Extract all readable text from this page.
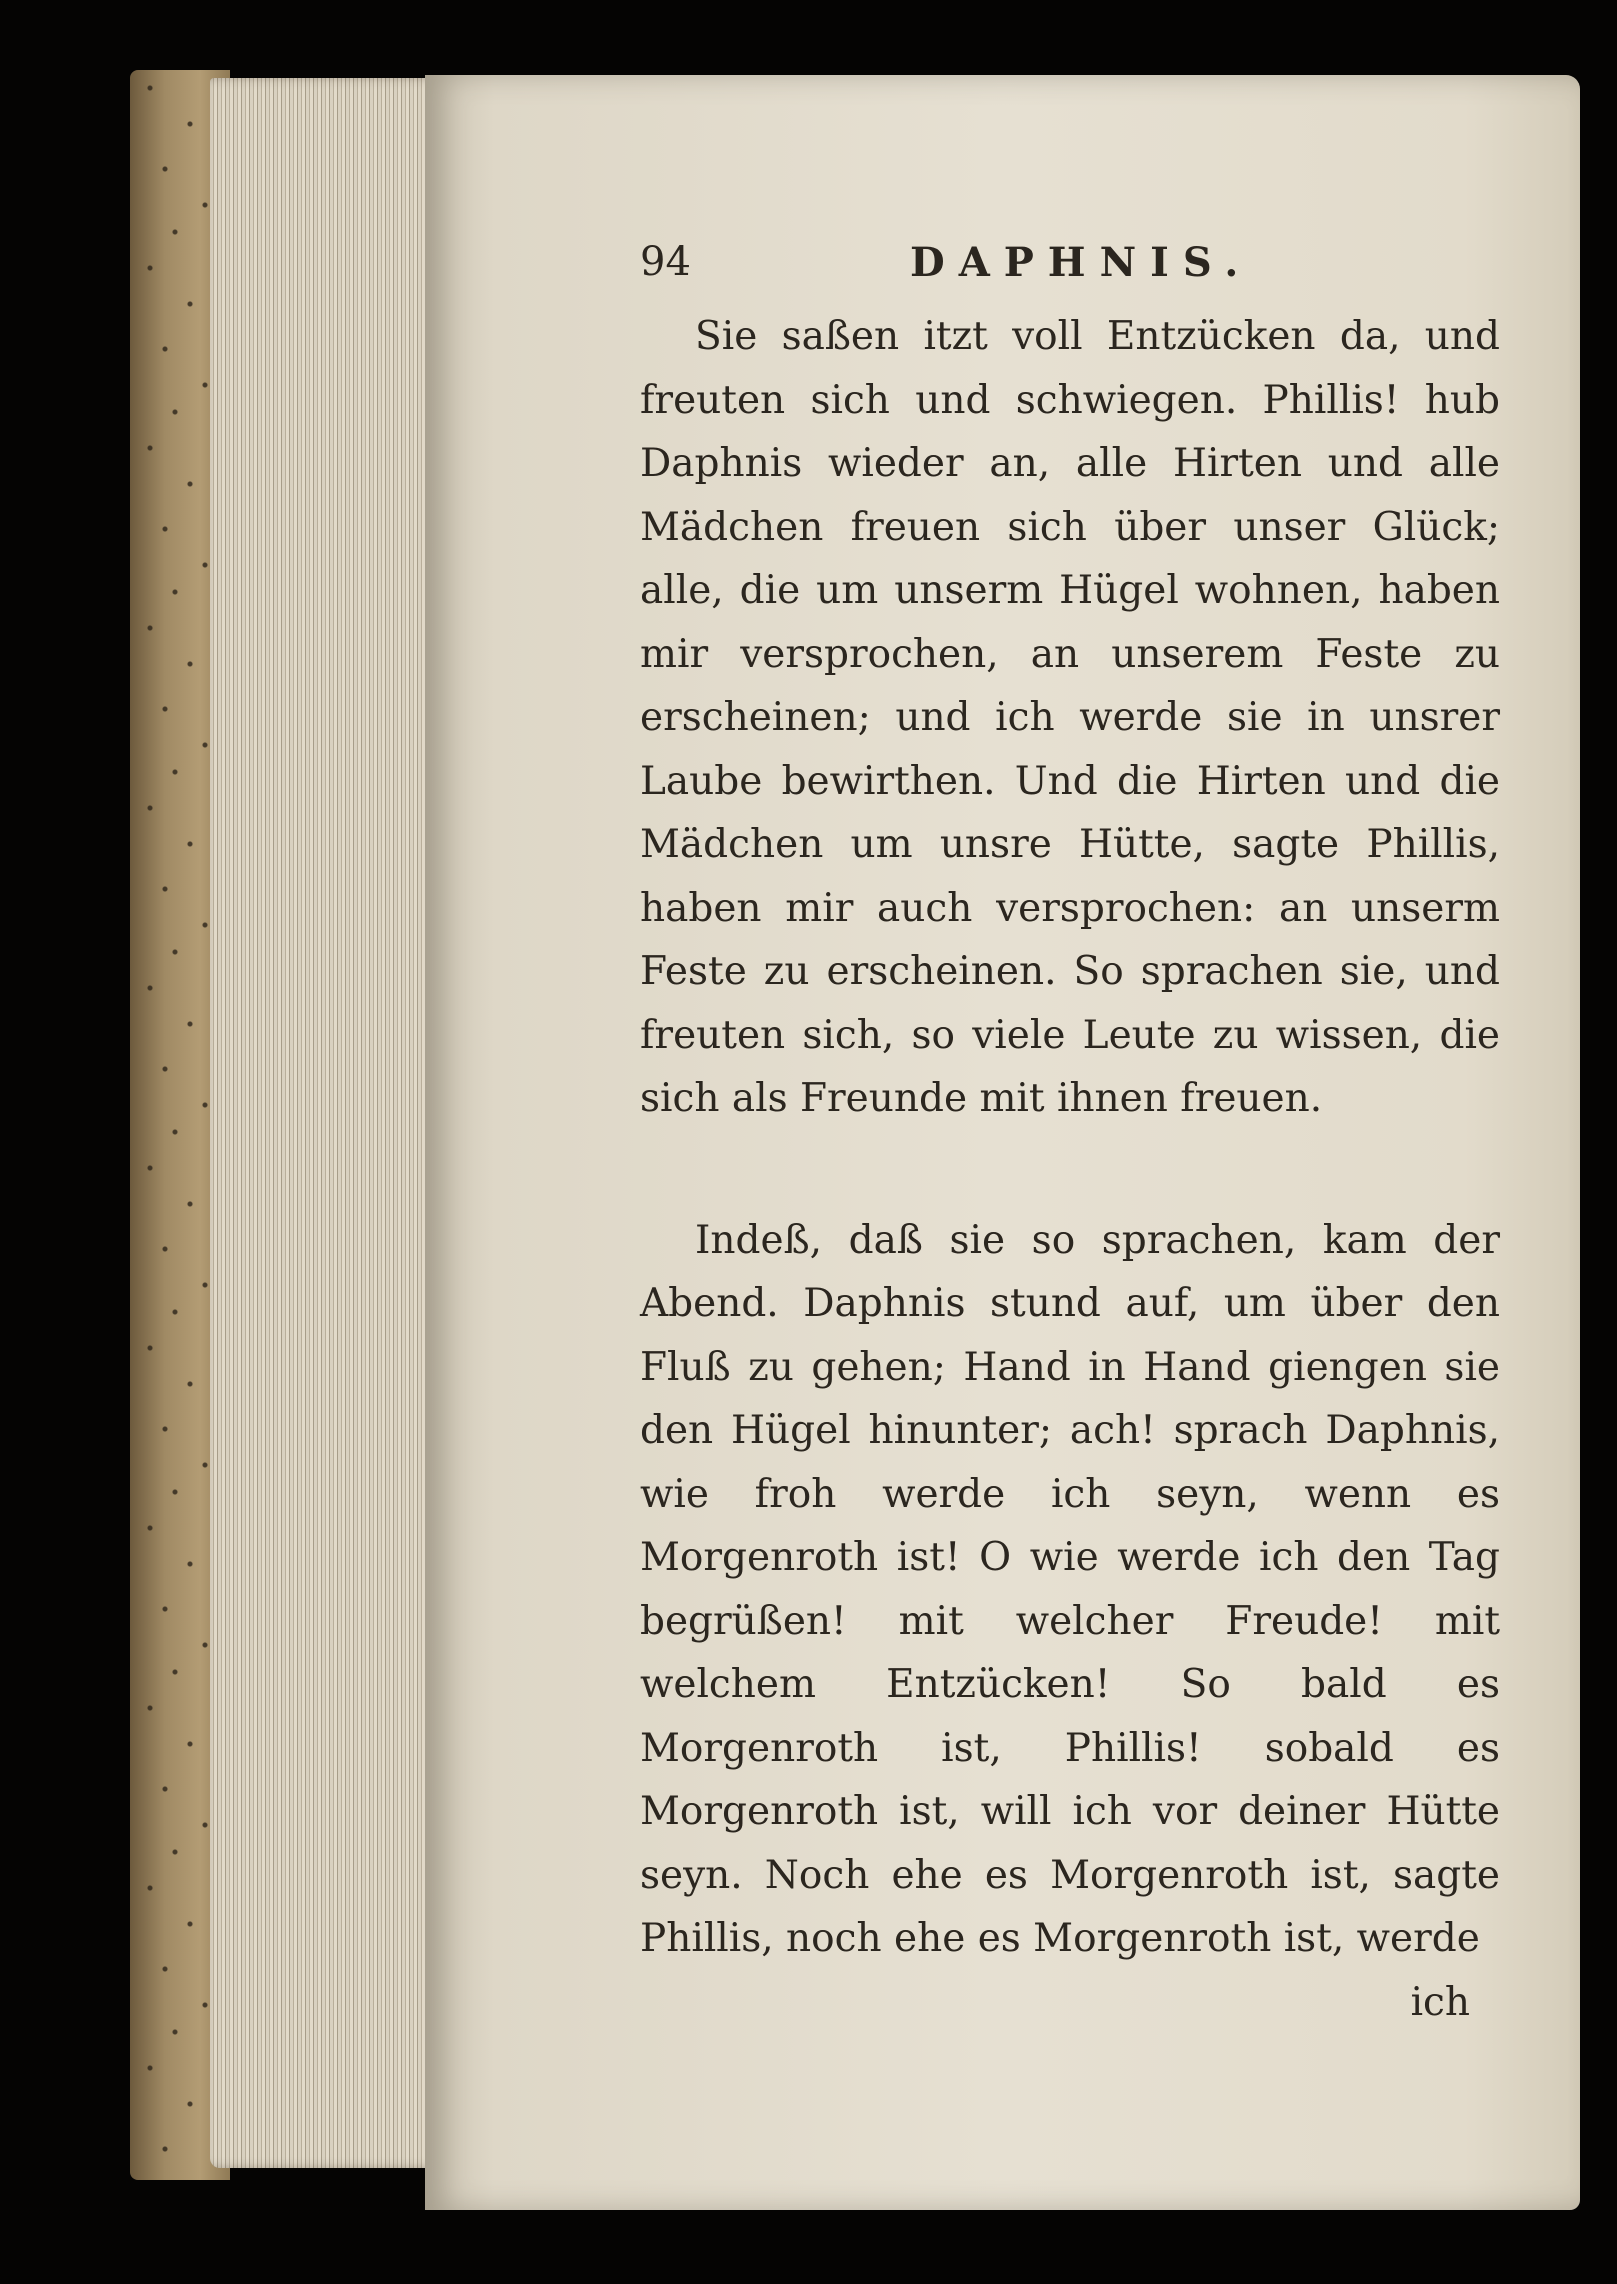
94	DAPHNIS.

Sie saßen itzt voll Entzücken da, und freuten sich und schwiegen. Phillis! hub Daphnis wieder an, alle Hirten und alle Mädchen freuen sich über unser Glück; alle, die um unserm Hügel wohnen, haben mir versprochen, an unserem Feste zu erscheinen; und ich werde sie in unsrer Laube bewirthen. Und die Hirten und die Mädchen um unsre Hütte, sagte Phillis, haben mir auch versprochen: an unserm Feste zu erscheinen. So sprachen sie, und freuten sich, so viele Leute zu wissen, die sich als Freunde mit ihnen freuen.

Indeß, daß sie so sprachen, kam der Abend. Daphnis stund auf, um über den Fluß zu gehen; Hand in Hand giengen sie den Hügel hinunter; ach! sprach Daphnis, wie froh werde ich seyn, wenn es Morgenroth ist! O wie werde ich den Tag begrüßen! mit welcher Freude! mit welchem Entzücken! So bald es Morgenroth ist, Phillis! sobald es Morgenroth ist, will ich vor deiner Hütte seyn. Noch ehe es Morgenroth ist, sagte Phillis, noch ehe es Morgenroth ist, werde

ich
